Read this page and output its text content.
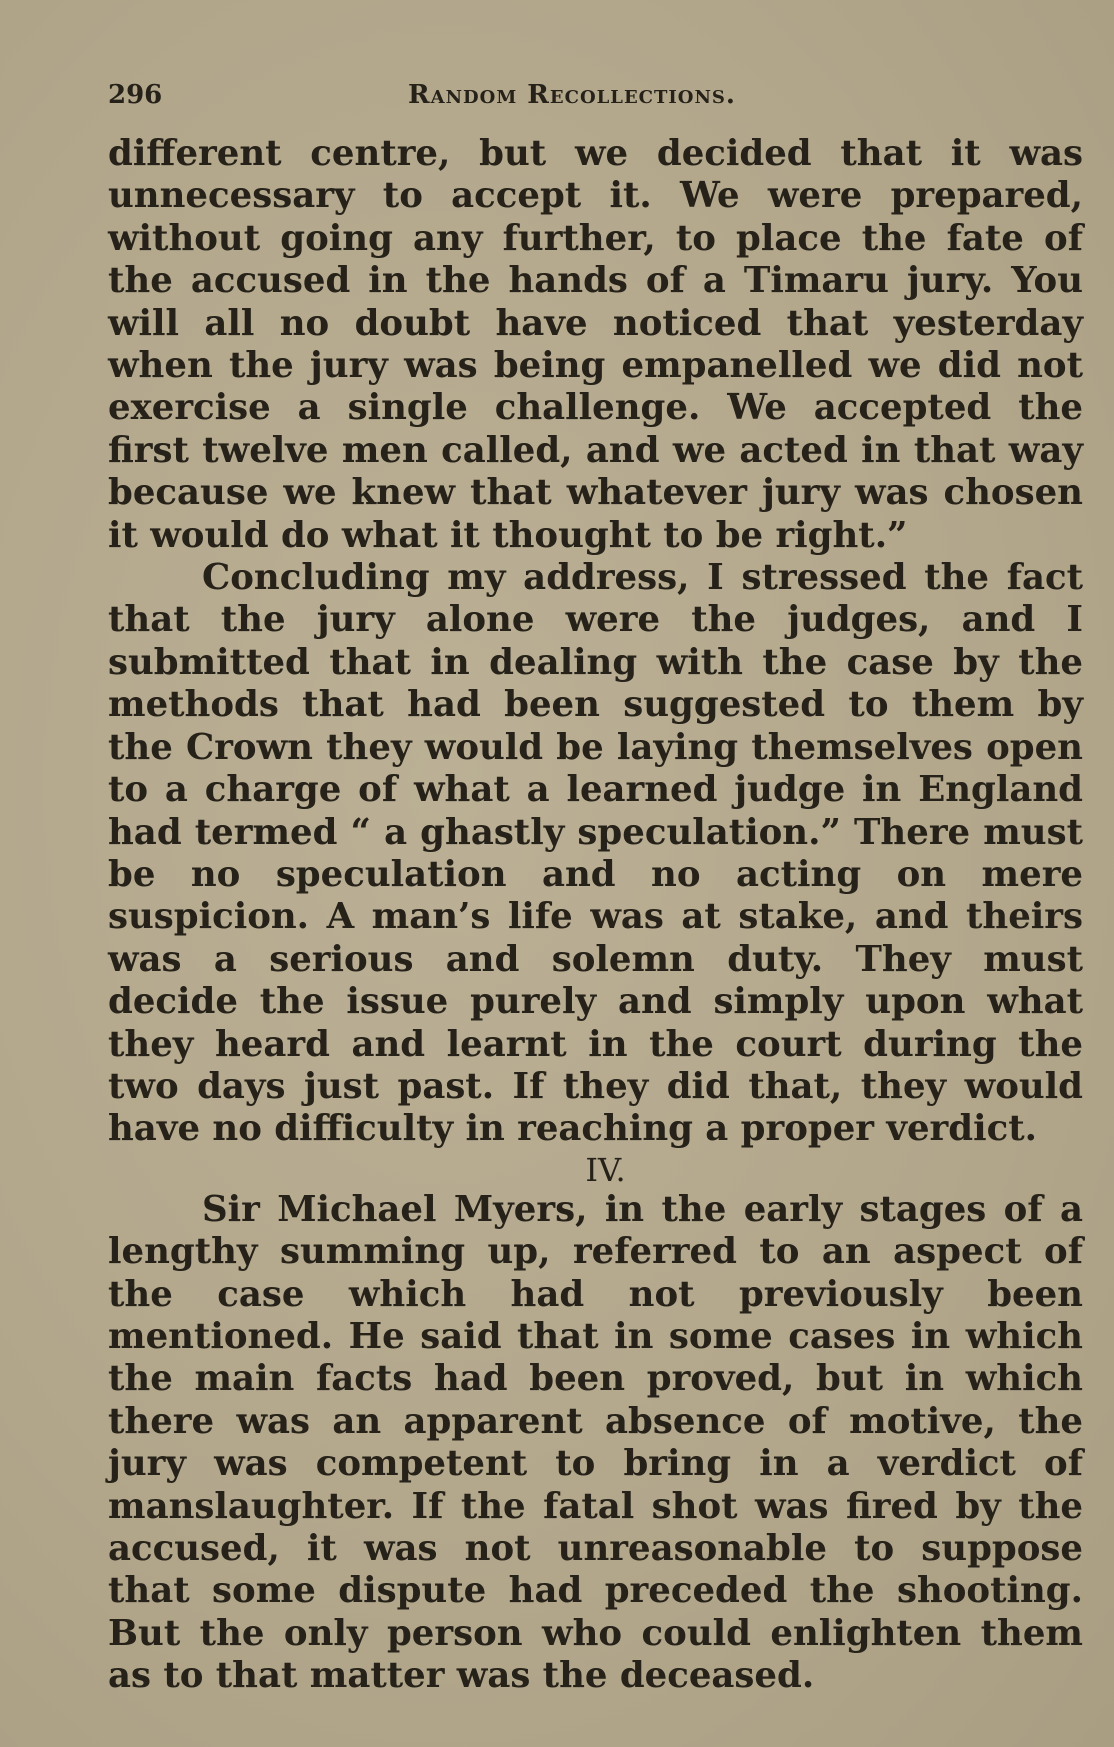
296	Random Recollections.

different centre, but we decided that it was unnecessary to accept it. We were prepared, without going any further, to place the fate of the accused in the hands of a Timaru jury. You will all no doubt have noticed that yesterday when the jury was being empanelled we did not exercise a single challenge. We accepted the first twelve men called, and we acted in that way because we knew that whatever jury was chosen it would do what it thought to be right.”

Concluding my address, I stressed the fact that the jury alone were the judges, and I submitted that in dealing with the case by the methods that had been suggested to them by the Crown they would be laying themselves open to a charge of what a learned judge in England had termed “ a ghastly speculation.” There must be no speculation and no acting on mere suspicion. A man’s life was at stake, and theirs was a serious and solemn duty. They must decide the issue purely and simply upon what they heard and learnt in the court during the two days just past. If they did that, they would have no difficulty in reaching a proper verdict.

IV.

Sir Michael Myers, in the early stages of a lengthy summing up, referred to an aspect of the case which had not previously been mentioned. He said that in some cases in which the main facts had been proved, but in which there was an apparent absence of motive, the jury was competent to bring in a verdict of manslaughter. If the fatal shot was fired by the accused, it was not unreasonable to suppose that some dispute had preceded the shooting. But the only person who could enlighten them as to that matter was the deceased.
